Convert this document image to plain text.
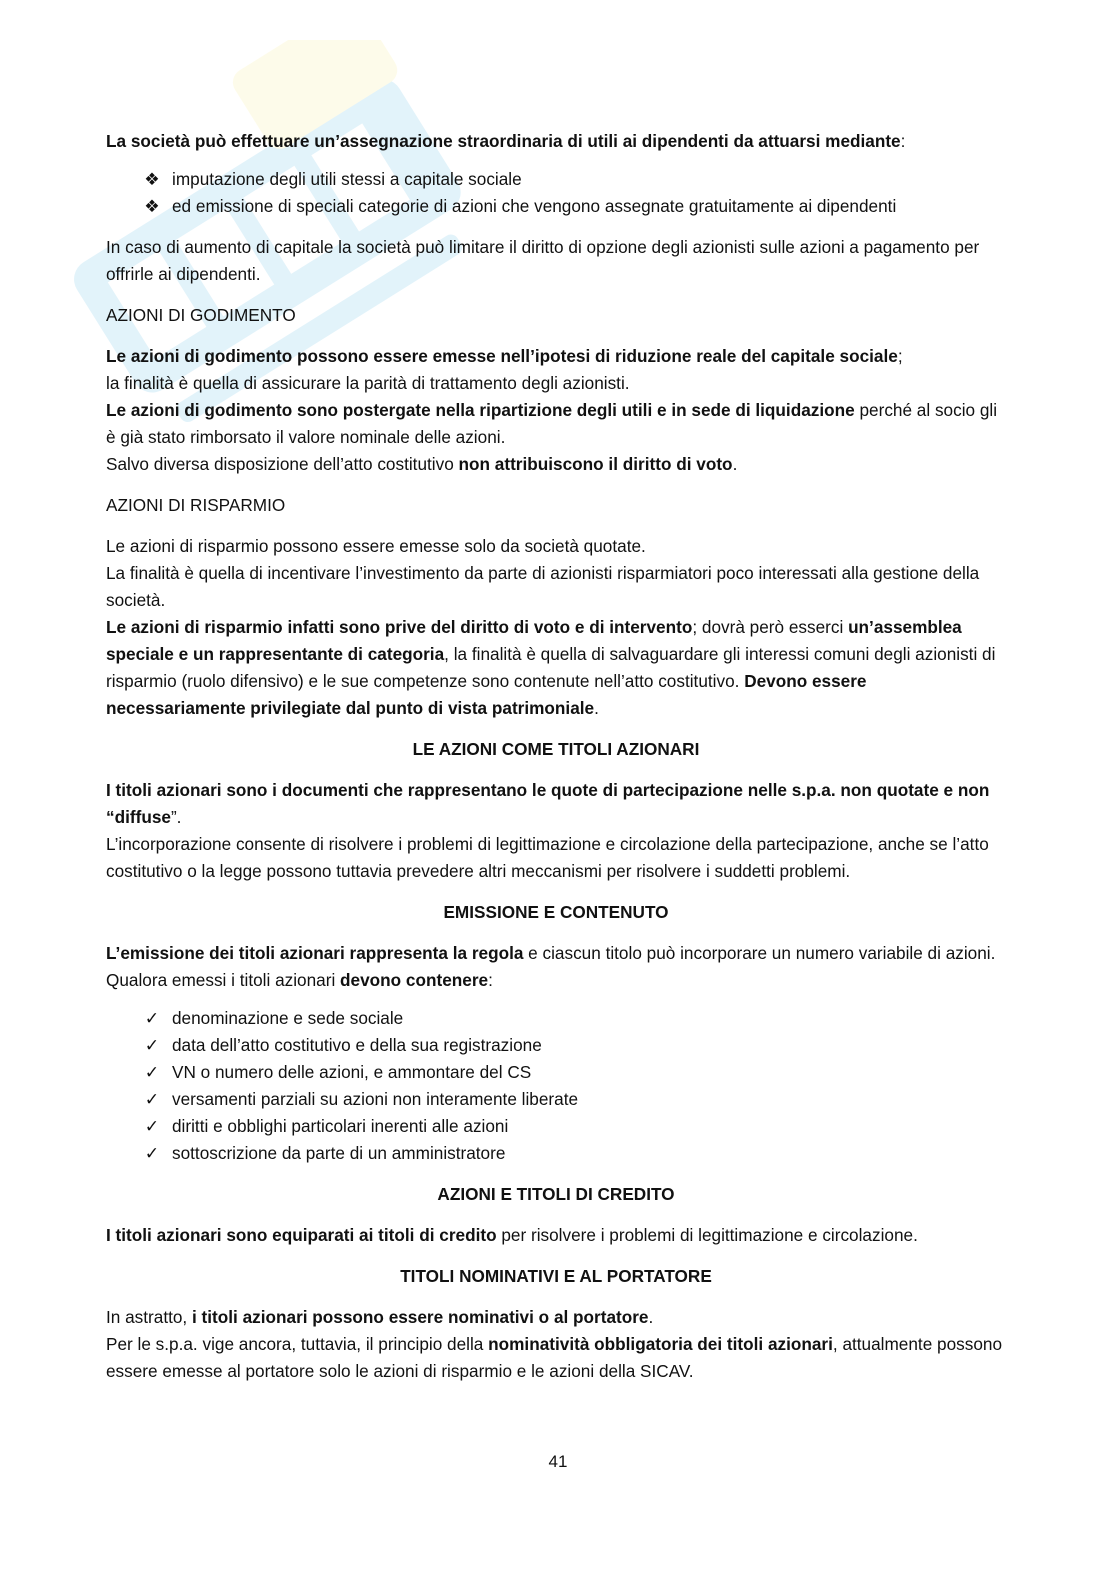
La società può effettuare un’assegnazione straordinaria di utili ai dipendenti da attuarsi mediante:

❖ imputazione degli utili stessi a capitale sociale
❖ ed emissione di speciali categorie di azioni che vengono assegnate gratuitamente ai dipendenti

In caso di aumento di capitale la società può limitare il diritto di opzione degli azionisti sulle azioni a pagamento per offrirle ai dipendenti.

AZIONI DI GODIMENTO

Le azioni di godimento possono essere emesse nell’ipotesi di riduzione reale del capitale sociale;
la finalità è quella di assicurare la parità di trattamento degli azionisti.
Le azioni di godimento sono postergate nella ripartizione degli utili e in sede di liquidazione perché al socio gli è già stato rimborsato il valore nominale delle azioni.
Salvo diversa disposizione dell’atto costitutivo non attribuiscono il diritto di voto.

AZIONI DI RISPARMIO

Le azioni di risparmio possono essere emesse solo da società quotate.
La finalità è quella di incentivare l’investimento da parte di azionisti risparmiatori poco interessati alla gestione della società.
Le azioni di risparmio infatti sono prive del diritto di voto e di intervento; dovrà però esserci un’assemblea speciale e un rappresentante di categoria, la finalità è quella di salvaguardare gli interessi comuni degli azionisti di risparmio (ruolo difensivo) e le sue competenze sono contenute nell’atto costitutivo. Devono essere necessariamente privilegiate dal punto di vista patrimoniale.

LE AZIONI COME TITOLI AZIONARI

I titoli azionari sono i documenti che rappresentano le quote di partecipazione nelle s.p.a. non quotate e non “diffuse”.
L’incorporazione consente di risolvere i problemi di legittimazione e circolazione della partecipazione, anche se l’atto costitutivo o la legge possono tuttavia prevedere altri meccanismi per risolvere i suddetti problemi.

EMISSIONE E CONTENUTO

L’emissione dei titoli azionari rappresenta la regola e ciascun titolo può incorporare un numero variabile di azioni. Qualora emessi i titoli azionari devono contenere:

✓ denominazione e sede sociale
✓ data dell’atto costitutivo e della sua registrazione
✓ VN o numero delle azioni, e ammontare del CS
✓ versamenti parziali su azioni non interamente liberate
✓ diritti e obblighi particolari inerenti alle azioni
✓ sottoscrizione da parte di un amministratore
AZIONI E TITOLI DI CREDITO

I titoli azionari sono equiparati ai titoli di credito per risolvere i problemi di legittimazione e circolazione.

TITOLI NOMINATIVI E AL PORTATORE

In astratto, i titoli azionari possono essere nominativi o al portatore.
Per le s.p.a. vige ancora, tuttavia, il principio della nominatività obbligatoria dei titoli azionari, attualmente possono essere emesse al portatore solo le azioni di risparmio e le azioni della SICAV.

41
